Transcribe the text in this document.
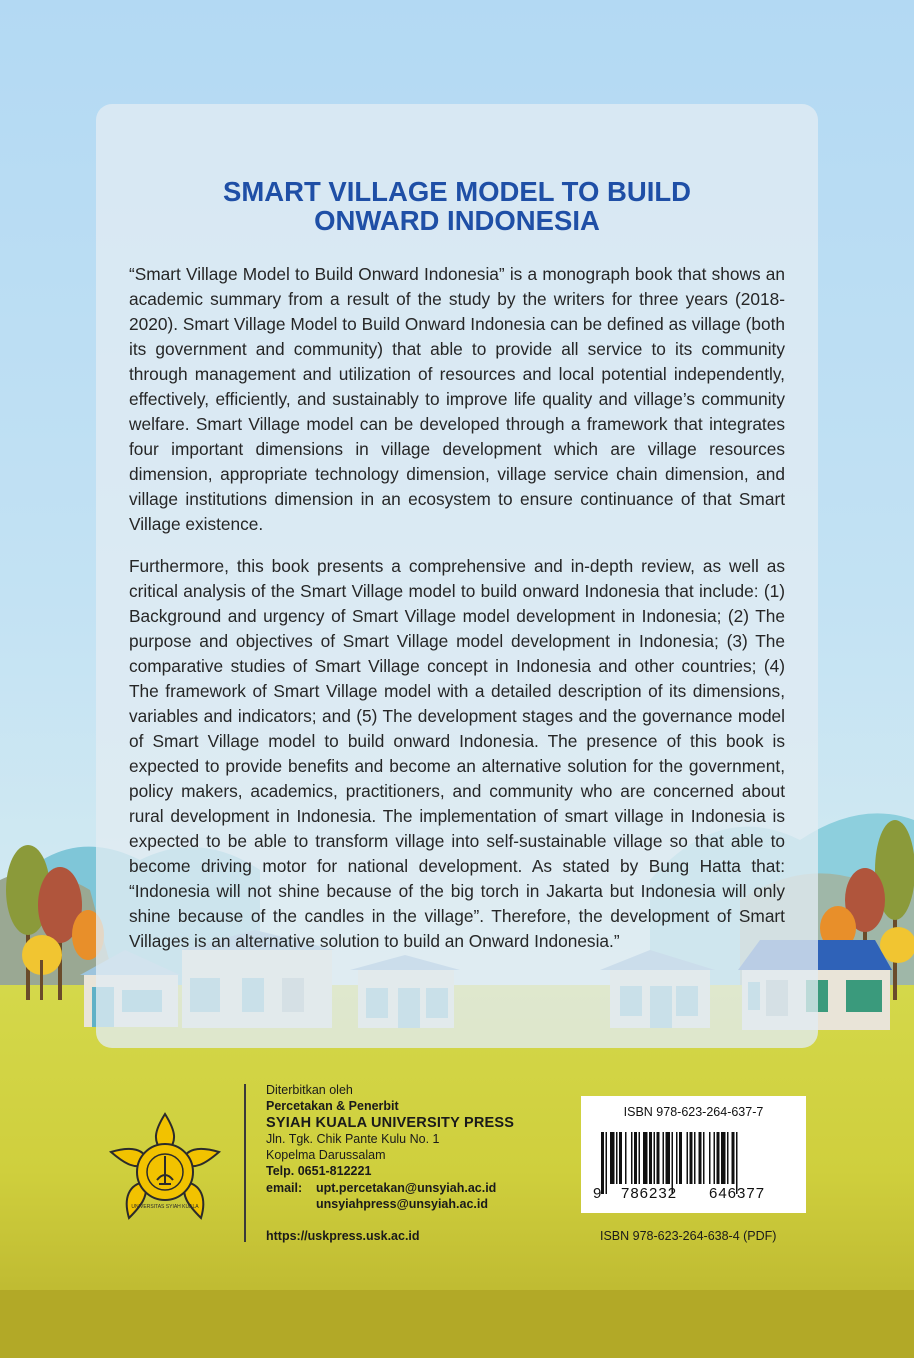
SMART VILLAGE MODEL TO BUILD
ONWARD INDONESIA

“Smart Village Model to Build Onward Indonesia” is a monograph book that shows an academic summary from a result of the study by the writers for three years (2018-2020). Smart Village Model to Build Onward Indonesia can be defined as village (both its government and community) that able to provide all service to its community through management and utilization of resources and local potential independently, effectively, efficiently, and sustainably to improve life quality and village’s community welfare. Smart Village model can be developed through a framework that integrates four important dimensions in village development which are village resources dimension, appropriate technology dimension, village service chain dimension, and village institutions dimension in an ecosystem to ensure continuance of that Smart Village existence.

Furthermore, this book presents a comprehensive and in-depth review, as well as critical analysis of the Smart Village model to build onward Indonesia that include: (1) Background and urgency of Smart Village model development in Indonesia; (2) The purpose and objectives of Smart Village model development in Indonesia; (3) The comparative studies of Smart Village concept in Indonesia and other countries; (4) The framework of Smart Village model with a detailed description of its dimensions, variables and indicators; and (5) The development stages and the governance model of Smart Village model to build onward Indonesia. The presence of this book is expected to provide benefits and become an alternative solution for the government, policy makers, academics, practitioners, and community who are concerned about rural development in Indonesia. The implementation of smart village in Indonesia is expected to be able to transform village into self-sustainable village so that able to become driving motor for national development. As stated by Bung Hatta that: “Indonesia will not shine because of the big torch in Jakarta but Indonesia will only shine because of the candles in the village”. Therefore, the development of Smart Villages is an alternative solution to build an Onward Indonesia.”

UNIVERSITAS SYIAH KUALA
Diterbitkan oleh
Percetakan & Penerbit
SYIAH KUALA UNIVERSITY PRESS
Jln. Tgk. Chik Pante Kulu No. 1
Kopelma Darussalam
Telp. 0651-812221
email:	upt.percetakan@unsyiah.ac.id
unsyiahpress@unsyiah.ac.id
https://uskpress.usk.ac.id
ISBN 978-623-264-637-7
9 786232 646377
ISBN 978-623-264-638-4 (PDF)
